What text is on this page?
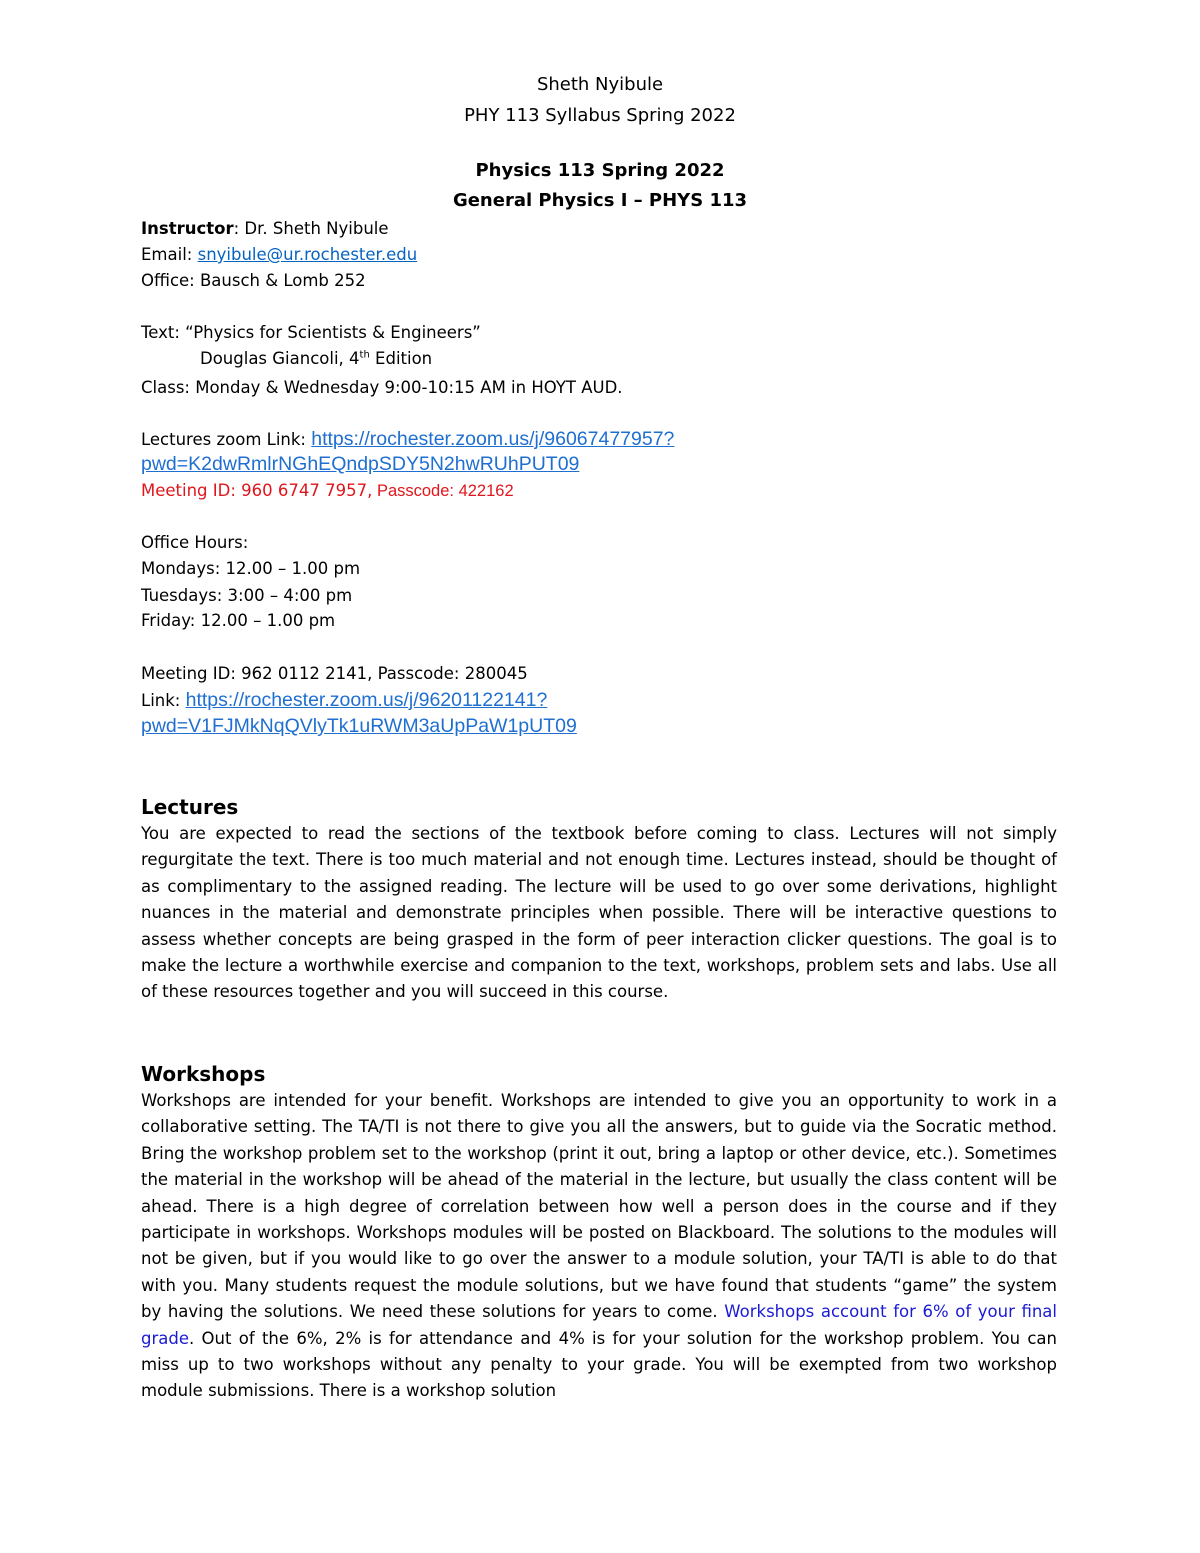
Sheth Nyibule
PHY 113 Syllabus Spring 2022
Physics 113 Spring 2022
General Physics I – PHYS 113
Instructor: Dr. Sheth Nyibule
Email: snyibule@ur.rochester.edu
Office: Bausch & Lomb 252
Text: “Physics for Scientists & Engineers”
Douglas Giancoli, 4th Edition
Class: Monday & Wednesday 9:00-10:15 AM in HOYT AUD.
Lectures zoom Link: https://rochester.zoom.us/j/96067477957?
pwd=K2dwRmlrNGhEQndpSDY5N2hwRUhPUT09
Meeting ID: 960 6747 7957, Passcode: 422162
Office Hours:
Mondays: 12.00 – 1.00 pm
Tuesdays: 3:00 – 4:00 pm
Friday: 12.00 – 1.00 pm
Meeting ID: 962 0112 2141, Passcode: 280045
Link: https://rochester.zoom.us/j/96201122141?
pwd=V1FJMkNqQVlyTk1uRWM3aUpPaW1pUT09
Lectures
You are expected to read the sections of the textbook before coming to class. Lectures will not simply regurgitate the text. There is too much material and not enough time. Lectures instead, should be thought of as complimentary to the assigned reading. The lecture will be used to go over some derivations, highlight nuances in the material and demonstrate principles when possible. There will be interactive questions to assess whether concepts are being grasped in the form of peer interaction clicker questions. The goal is to make the lecture a worthwhile exercise and companion to the text, workshops, problem sets and labs. Use all of these resources together and you will succeed in this course.
Workshops
Workshops are intended for your benefit. Workshops are intended to give you an opportunity to work in a collaborative setting. The TA/TI is not there to give you all the answers, but to guide via the Socratic method. Bring the workshop problem set to the workshop (print it out, bring a laptop or other device, etc.). Sometimes the material in the workshop will be ahead of the material in the lecture, but usually the class content will be ahead. There is a high degree of correlation between how well a person does in the course and if they participate in workshops. Workshops modules will be posted on Blackboard. The solutions to the modules will not be given, but if you would like to go over the answer to a module solution, your TA/TI is able to do that with you. Many students request the module solutions, but we have found that students “game” the system by having the solutions. We need these solutions for years to come. Workshops account for 6% of your final grade. Out of the 6%, 2% is for attendance and 4% is for your solution for the workshop problem. You can miss up to two workshops without any penalty to your grade. You will be exempted from two workshop module submissions. There is a workshop solution
